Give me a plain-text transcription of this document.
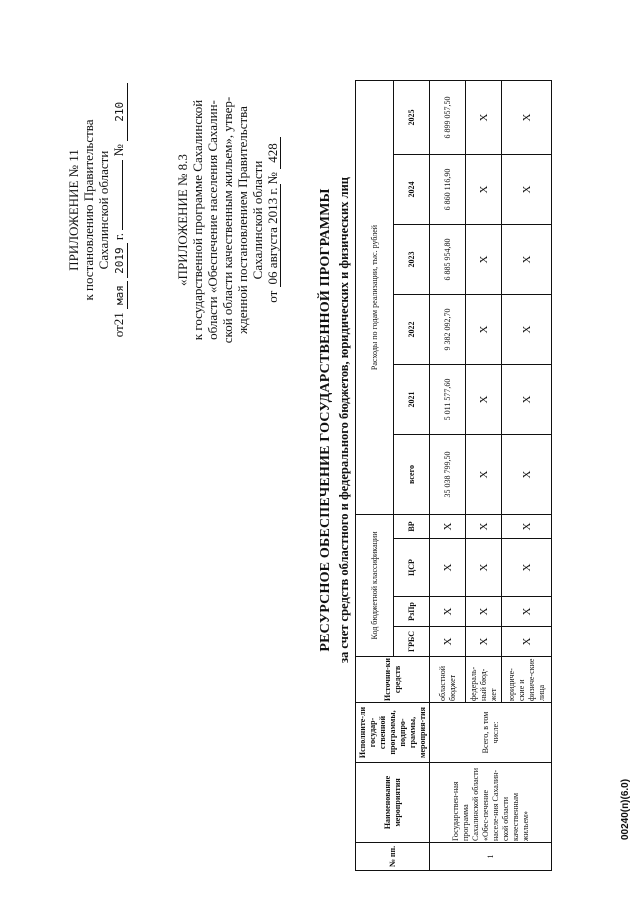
ПРИЛОЖЕНИЕ № 11 к постановлению Правительства Сахалинской области
от21 мая 2019 г.  № 210
«ПРИЛОЖЕНИЕ № 8.3 к государственной программе Сахалинской области «Обеспечение населения Сахалин- ской области качественным жильем», утвер- жденной постановлением Правительства Сахалинской области
от 06 августа 2013 г.№ 428
РЕСУРСНОЕ ОБЕСПЕЧЕНИЕ ГОСУДАРСТВЕННОЙ ПРОГРАММЫ за счет средств областного и федерального бюджетов, юридических и физических лиц
00240(п)(6.0)
№ пп.	Наименование мероприятия	Исполните-ли государ-ственной программы, подпро-граммы, мероприя-тия	Источни-ки средств	Код бюджетной классификации				Расходы по годам реализации, тыс. рублей					
				ГРБС	РзПр	ЦСР	ВР	всего	2021	2022	2023	2024	2025
1	Государствен-ная программа Сахалинской области «Обес-печение населе-ния Сахалин-ской области качественным жильем»	Всего, в том числе:	областной бюджет	Х	Х	Х	Х	35 038 799,50	5 011 577,60	9 382 092,70	6 885 954,80	6 860 116,90	6 899 057,50
			федераль-ный бюд-жет	Х	Х	Х	Х	Х	Х	Х	Х	Х	Х
			юридиче-ские и физиче-ские лица	Х	Х	Х	Х	Х	Х	Х	Х	Х	Х
